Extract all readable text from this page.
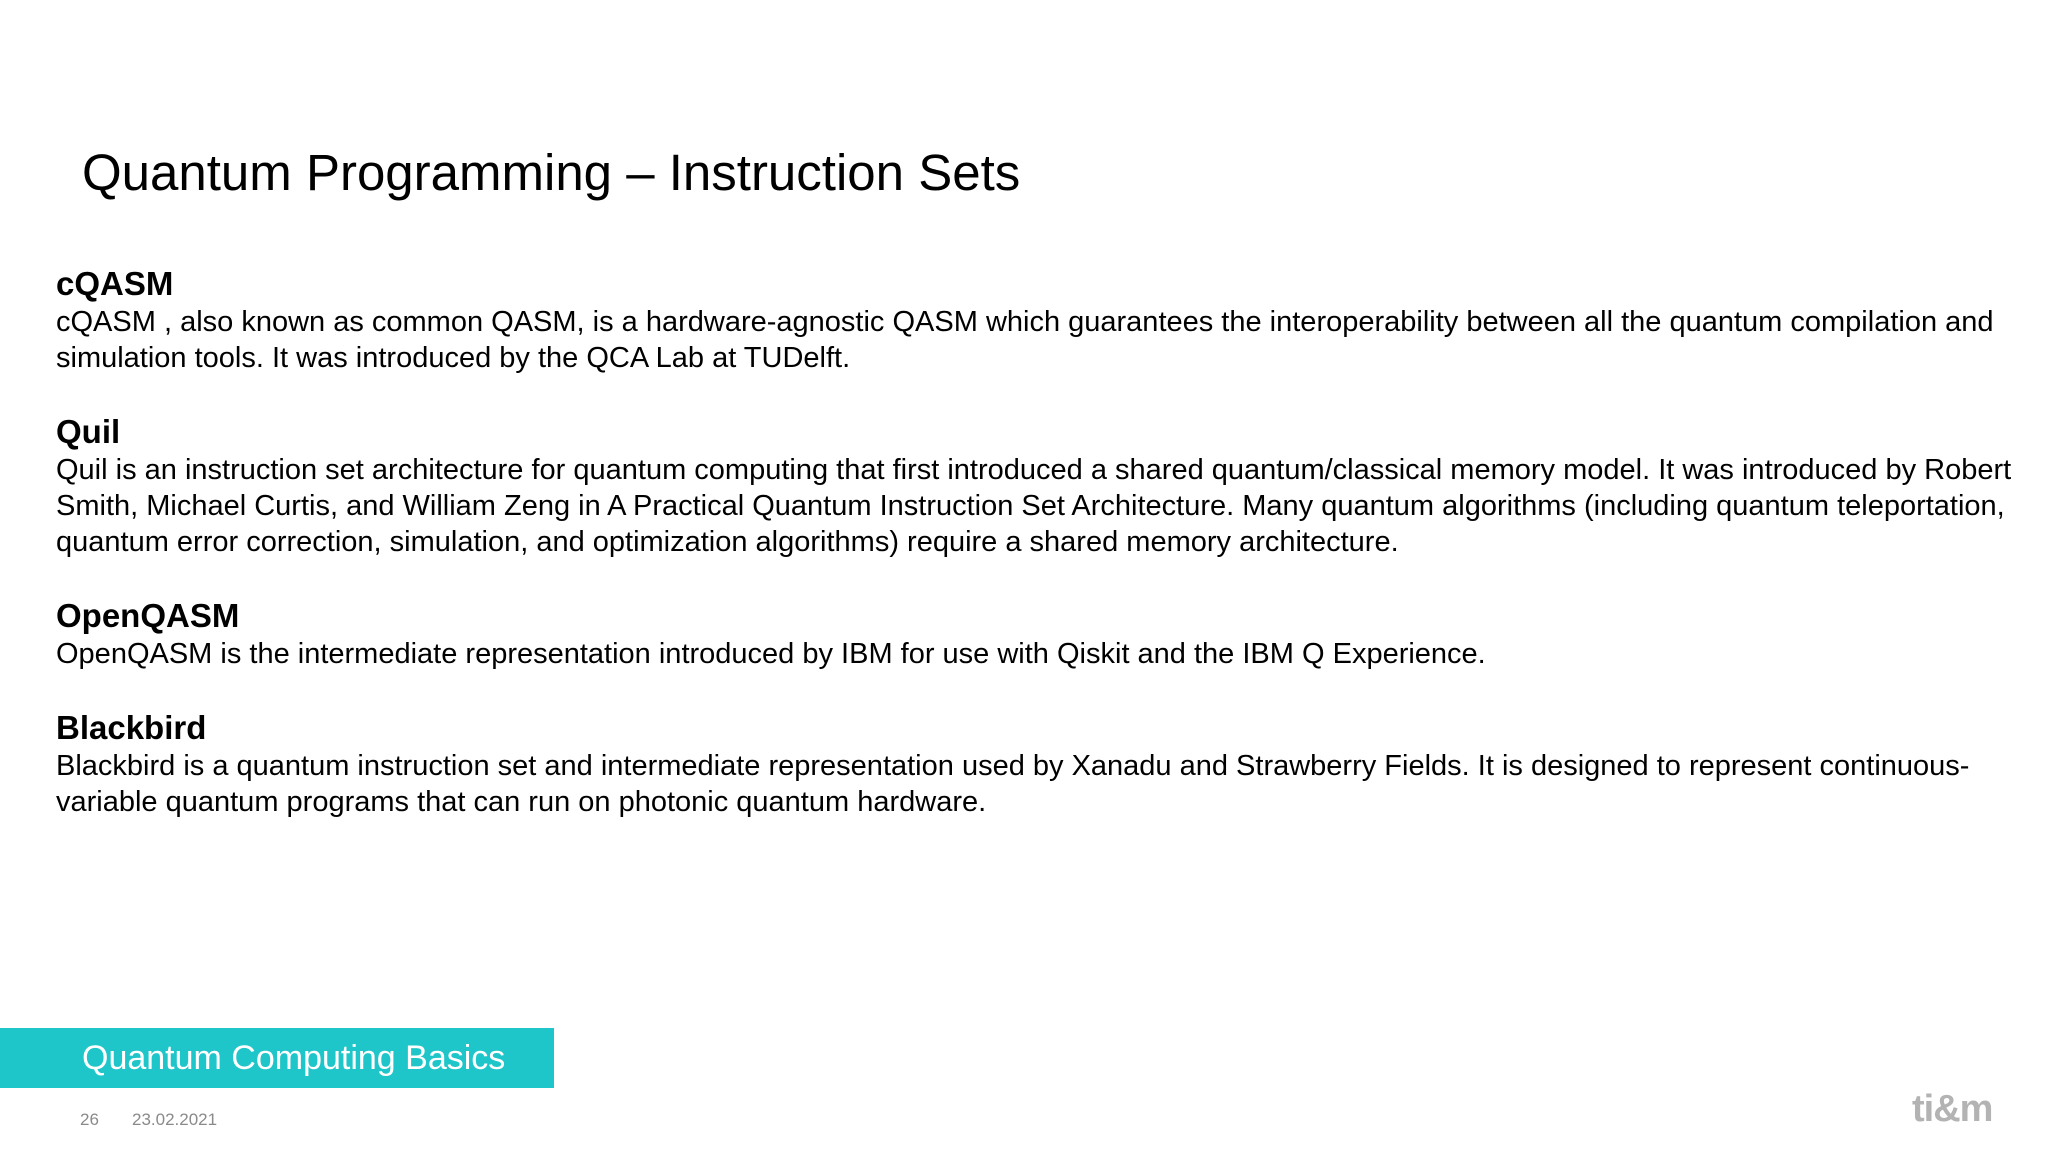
Quantum Programming – Instruction Sets

cQASM

cQASM , also known as common QASM, is a hardware-agnostic QASM which guarantees the interoperability between all the quantum compilation and simulation tools. It was introduced by the QCA Lab at TUDelft.

Quil

Quil is an instruction set architecture for quantum computing that first introduced a shared quantum/classical memory model. It was introduced by Robert Smith, Michael Curtis, and William Zeng in A Practical Quantum Instruction Set Architecture. Many quantum algorithms (including quantum teleportation, quantum error correction, simulation, and optimization algorithms) require a shared memory architecture.

OpenQASM

OpenQASM is the intermediate representation introduced by IBM for use with Qiskit and the IBM Q Experience.

Blackbird

Blackbird is a quantum instruction set and intermediate representation used by Xanadu and Strawberry Fields. It is designed to represent continuous-variable quantum programs that can run on photonic quantum hardware.

Quantum Computing Basics
26 23.02.2021	ti&m
